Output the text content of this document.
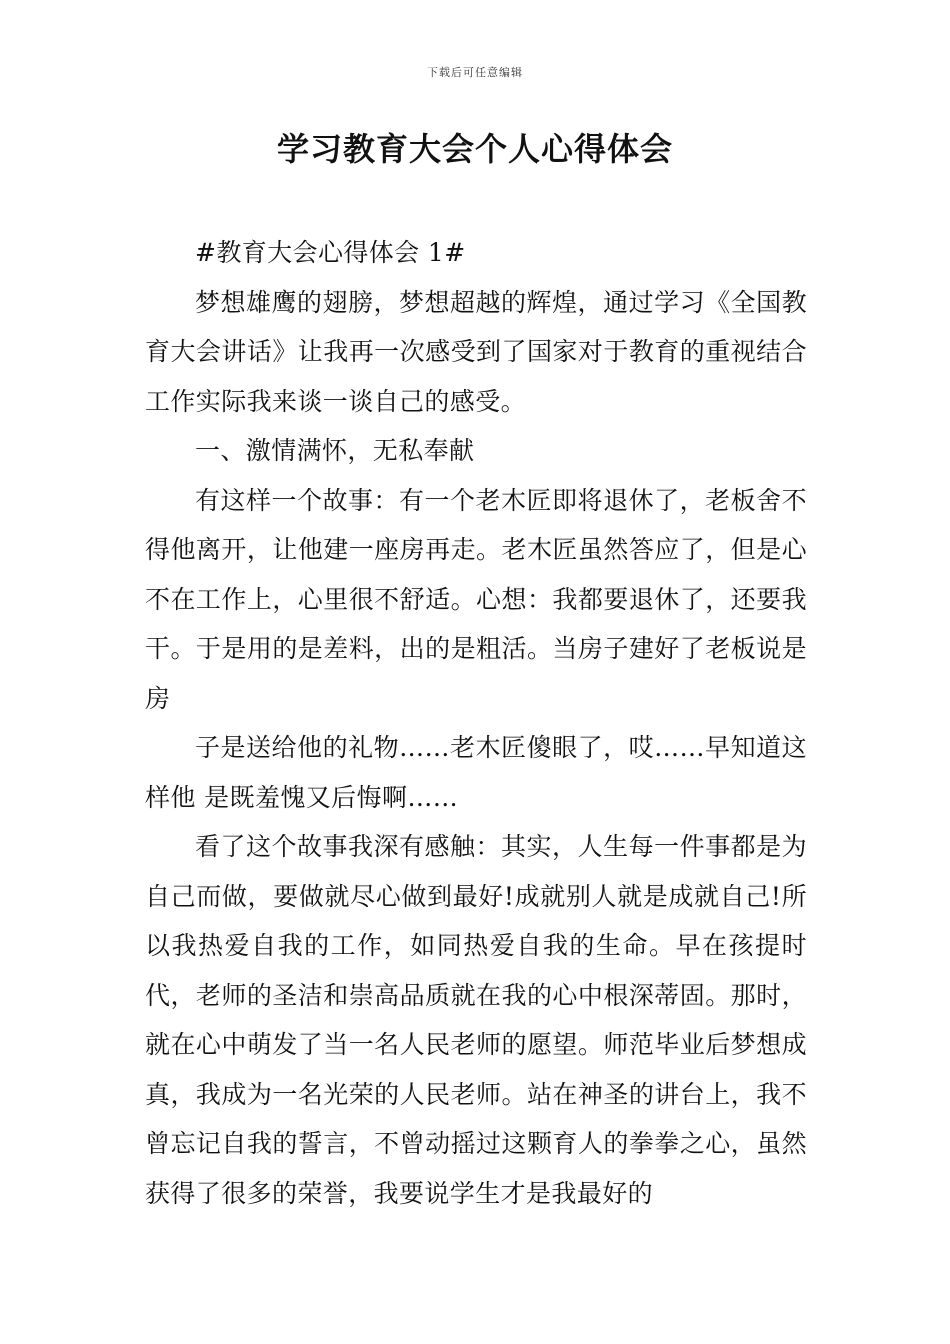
下载后可任意编辑
学习教育大会个人心得体会

#教育大会心得体会 1#

梦想雄鹰的翅膀，梦想超越的辉煌，通过学习《全国教育大会讲话》让我再一次感受到了国家对于教育的重视结合工作实际我来谈一谈自己的感受。

一、激情满怀，无私奉献

有这样一个故事：有一个老木匠即将退休了，老板舍不得他离开，让他建一座房再走。老木匠虽然答应了，但是心不在工作上，心里很不舒适。心想：我都要退休了，还要我干。于是用的是差料，出的是粗活。当房子建好了老板说是房

子是送给他的礼物……老木匠傻眼了，哎……早知道这样他 是既羞愧又后悔啊……

看了这个故事我深有感触：其实，人生每一件事都是为自己而做，要做就尽心做到最好!成就别人就是成就自己!所以我热爱自我的工作，如同热爱自我的生命。早在孩提时代，老师的圣洁和崇高品质就在我的心中根深蒂固。那时，就在心中萌发了当一名人民老师的愿望。师范毕业后梦想成真，我成为一名光荣的人民老师。站在神圣的讲台上，我不曾忘记自我的誓言，不曾动摇过这颗育人的拳拳之心，虽然获得了很多的荣誉，我要说学生才是我最好的
